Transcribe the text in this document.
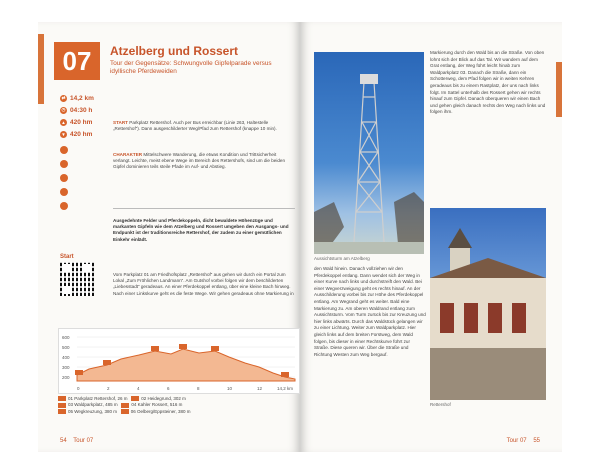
07 Atzelberg und Rossert
Tour der Gegensätze: Schwungvolle Gipfelparade versus idyllische Pferdeweiden
⇄ 14,2 km
◷ 04:30 h
▲ 420 hm
▼ 420 hm
START Parkplatz Rettershof. Auch per Bus erreichbar (Linie 263, Haltestelle „Rettershof“). Dann ausgeschilderter Weg/Pfad zum Rettershof (knappe 10 min).
CHARAKTER Mittelschwere Wanderung, die etwas Kondition und Trittsicherheit verlangt. Leichte, meist ebene Wege im Bereich des Rettershofs, sind um die beiden Gipfel dominieren teils steile Pfade im Auf- und Abstieg.
Ausgedehnte Felder und Pferdekoppeln, dicht bewaldete Höhenzüge und markanten Gipfeln wie dem Atzelberg und Rossert umgeben den Ausgangs- und Endpunkt ist der traditionsreiche Rettershof, der zudem zu einer gemütlichen Einkehr einlädt.
Start
Vom Parkplatz 01 am Friedhofsplatz „Rettershof“ aus gehen wir durch ein Portal zum Lokal „Zum Fröhlichen Landmann“. Am Gutshof vorbei folgen wir dem beschilderten „Liebesstadt“ geradeaus. An einer Pferdekoppel entlang, über eine kleine Bach hinweg. Nach einer Linkskurve geht es die feste Wege. Wir gehen geradeaus ohne Markierung in
600
500
400
300
200
0	2	4	6	8	10	12	14,2 km
01 Parkplatz Rettershof, 26 m	02 Heidegrund, 302 m
03 Waldparkplatz, 485 m	04 Kahler Rossert, 516 m
05 Wegkreuzung, 380 m	06 Oelberg/Eppsteiner, 380 m
54 Tour 07
Aussichtsturm am Atzelberg
den Wald hinein. Danach vollziehen wir den Pferdekoppel entlang. Dann wendet sich der Weg in einer Kurve nach links und durchstreift den Wald. Bei einer Wegverzweigung geht es rechts hinauf. An der Ausschilderung vorbei bis zur Höhe des Pferdekoppel entlang. Am Wegrand geht es weiter. Bald eine Markierung zu. Am oberen Waldrand entlang zum Aussichtsturm. Vom Turm zurück bis zur Kreuzung und hier links abwärts. Durch das Waldstück gelangen wir zu einer Lichtung. Weiter zum Waldparkplatz. Hier gleich links auf dem breiten Forstweg, dem Wald folgen, bis dieser in einer Rechtskurve führt zur Straße. Diese queren wir. Über die Straße und Richtung Westen zum Weg bergauf.
Markierung durch den Wald bis an die Straße. Von oben lohnt sich der Blick auf das Tal. Wir wandern auf dem Grat entlang, der Weg führt leicht hinab zum Waldparkplatz 03. Danach die Straße, dann ein Schotterweg, dem Pfad folgen wir in weiten Kehren geradeaus bis zu einem Rastplatz, der uns nach links folgt. Im Sattel unterhalb des Rossert gehen wir rechts hinauf zum Gipfel. Danach überqueren wir einen Bach und gehen gleich danach rechts den Weg nach links und folgen ihm.
Rettershof
Tour 07 55
